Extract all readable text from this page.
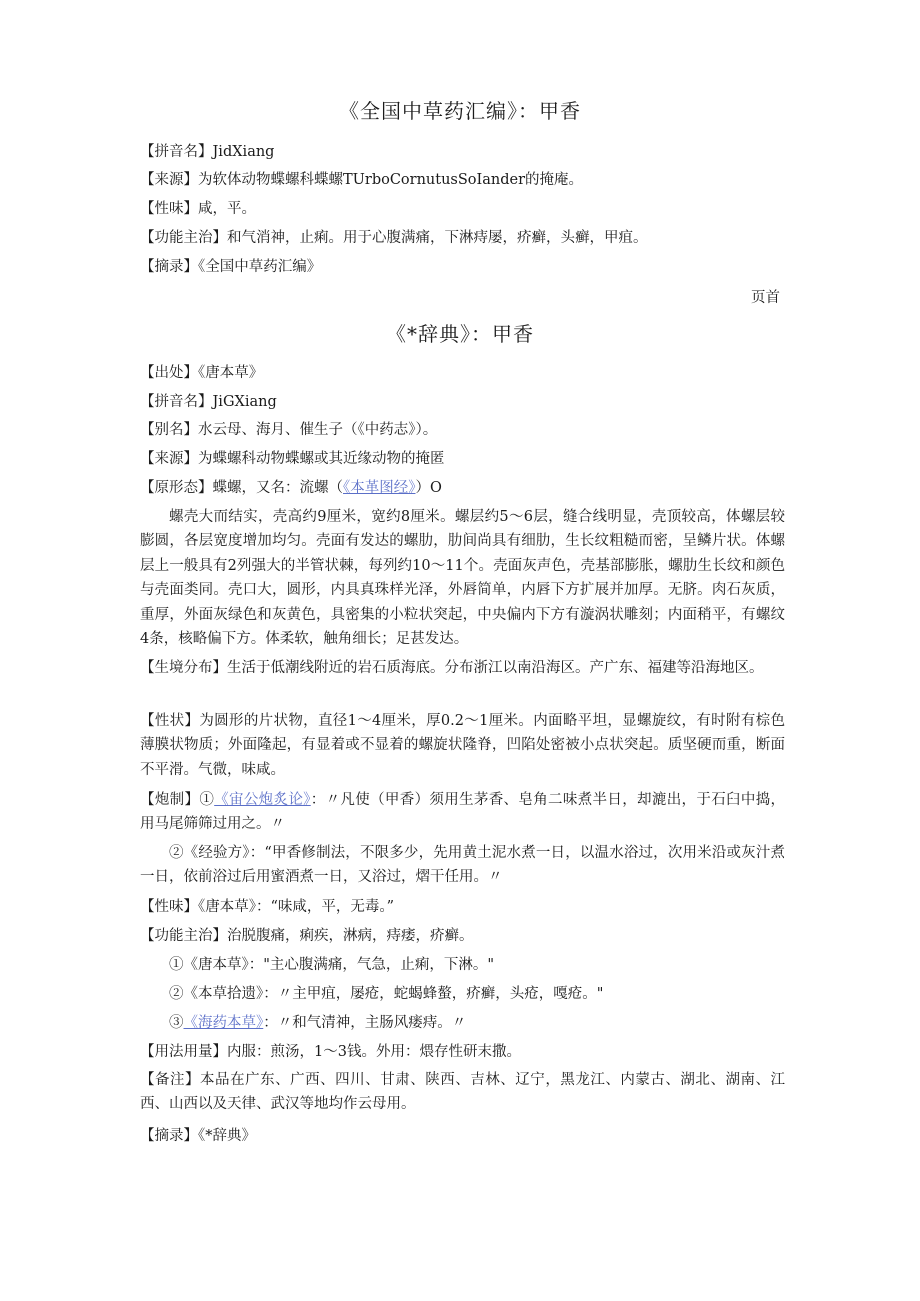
《全国中草药汇编》：甲香
【拼音名】JidXiang
【来源】为软体动物蝶螺科蝶螺TUrboCornutusSoIander的掩庵。
【性味】咸，平。
【功能主治】和气消神，止痢。用于心腹满痛，下淋痔屡，疥癣，头癣，甲疽。
【摘录】《全国中草药汇编》
页首
《*辞典》：甲香
【出处】《唐本草》
【拼音名】JiGXiang
【别名】水云母、海月、催生子（《中药志》）。
【来源】为蝶螺科动物蝶螺或其近缘动物的掩匿
【原形态】蝶螺，又名：流螺（《本革图经》）O
螺壳大而结实，壳高约9厘米，宽约8厘米。螺层约5〜6层，缝合线明显，壳顶较高，体螺层较膨圆，各层宽度增加均匀。壳面有发达的螺肋，肋间尚具有细肋，生长纹粗糙而密，呈鳞片状。体螺层上一般具有2列强大的半管状棘，每列约10〜11个。壳面灰声色，壳基部膨胀，螺肋生长纹和颜色与壳面类同。壳口大，圆形，内具真珠样光泽，外唇简单，内唇下方扩展并加厚。无脐。肉石灰质，重厚，外面灰绿色和灰黄色，具密集的小粒状突起，中央偏内下方有漩涡状雕刻；内面稍平，有螺纹4条，核略偏下方。体柔软，触角细长；足甚发达。
【生境分布】生活于低潮线附近的岩石质海底。分布浙江以南沿海区。产广东、福建等沿海地区。
【性状】为圆形的片状物，直径1〜4厘米，厚0.2〜1厘米。内面略平坦，显螺旋纹，有时附有棕色薄膜状物质；外面隆起，有显着或不显着的螺旋状隆脊，凹陷处密被小点状突起。质坚硬而重，断面不平滑。气微，味咸。
【炮制】①《宙公炮炙论》：〃凡使（甲香）须用生茅香、皂角二味煮半日，却漉出，于石臼中捣，用马尾筛筛过用之。〃
②《经验方》：“甲香修制法，不限多少，先用黄土泥水煮一日，以温水浴过，次用米沿或灰汁煮一日，依前浴过后用蜜酒煮一日，又浴过，熠干任用。〃
【性味】《唐本草》：“味咸，平，无毒。”
【功能主治】治脱腹痛，痢疾，淋病，痔痿，疥癣。
①《唐本草》："主心腹满痛，气急，止痢，下淋。"
②《本草拾遗》：〃主甲疽，屡疮，蛇蝎蜂螯，疥癣，头疮，嘎疮。"
③《海药本草》：〃和气清神，主肠风瘘痔。〃
【用法用量】内服：煎汤，1〜3钱。外用：煨存性研末撒。
【备注】本品在广东、广西、四川、甘肃、陕西、吉林、辽宁，黑龙江、内蒙古、湖北、湖南、江西、山西以及天律、武汉等地均作云母用。
【摘录】《*辞典》
